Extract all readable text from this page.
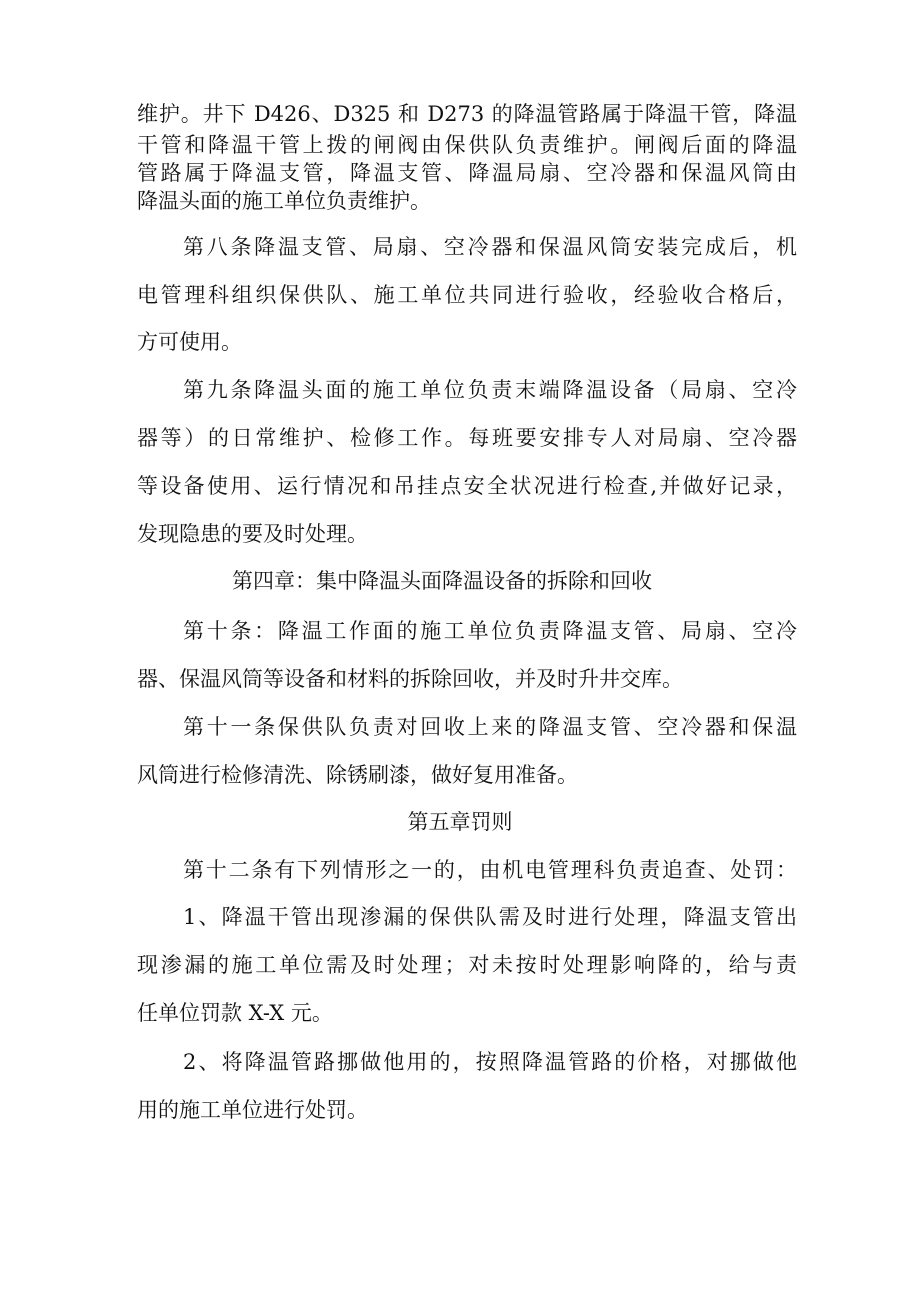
维护。井下 D426、D325 和 D273 的降温管路属于降温干管，降温
干管和降温干管上拨的闸阀由保供队负责维护。闸阀后面的降温
管路属于降温支管，降温支管、降温局扇、空冷器和保温风筒由
降温头面的施工单位负责维护。
第八条降温支管、局扇、空冷器和保温风筒安装完成后，机
电管理科组织保供队、施工单位共同进行验收，经验收合格后，
方可使用。
第九条降温头面的施工单位负责末端降温设备（局扇、空冷
器等）的日常维护、检修工作。每班要安排专人对局扇、空冷器
等设备使用、运行情况和吊挂点安全状况进行检查,并做好记录，
发现隐患的要及时处理。
第四章：集中降温头面降温设备的拆除和回收
第十条：降温工作面的施工单位负责降温支管、局扇、空冷
器、保温风筒等设备和材料的拆除回收，并及时升井交库。
第十一条保供队负责对回收上来的降温支管、空冷器和保温
风筒进行检修清洗、除锈刷漆，做好复用准备。
第五章罚则
第十二条有下列情形之一的，由机电管理科负责追查、处罚：
1、降温干管出现渗漏的保供队需及时进行处理，降温支管出
现渗漏的施工单位需及时处理；对未按时处理影响降的，给与责
任单位罚款 X-X 元。
2、将降温管路挪做他用的，按照降温管路的价格，对挪做他
用的施工单位进行处罚。
